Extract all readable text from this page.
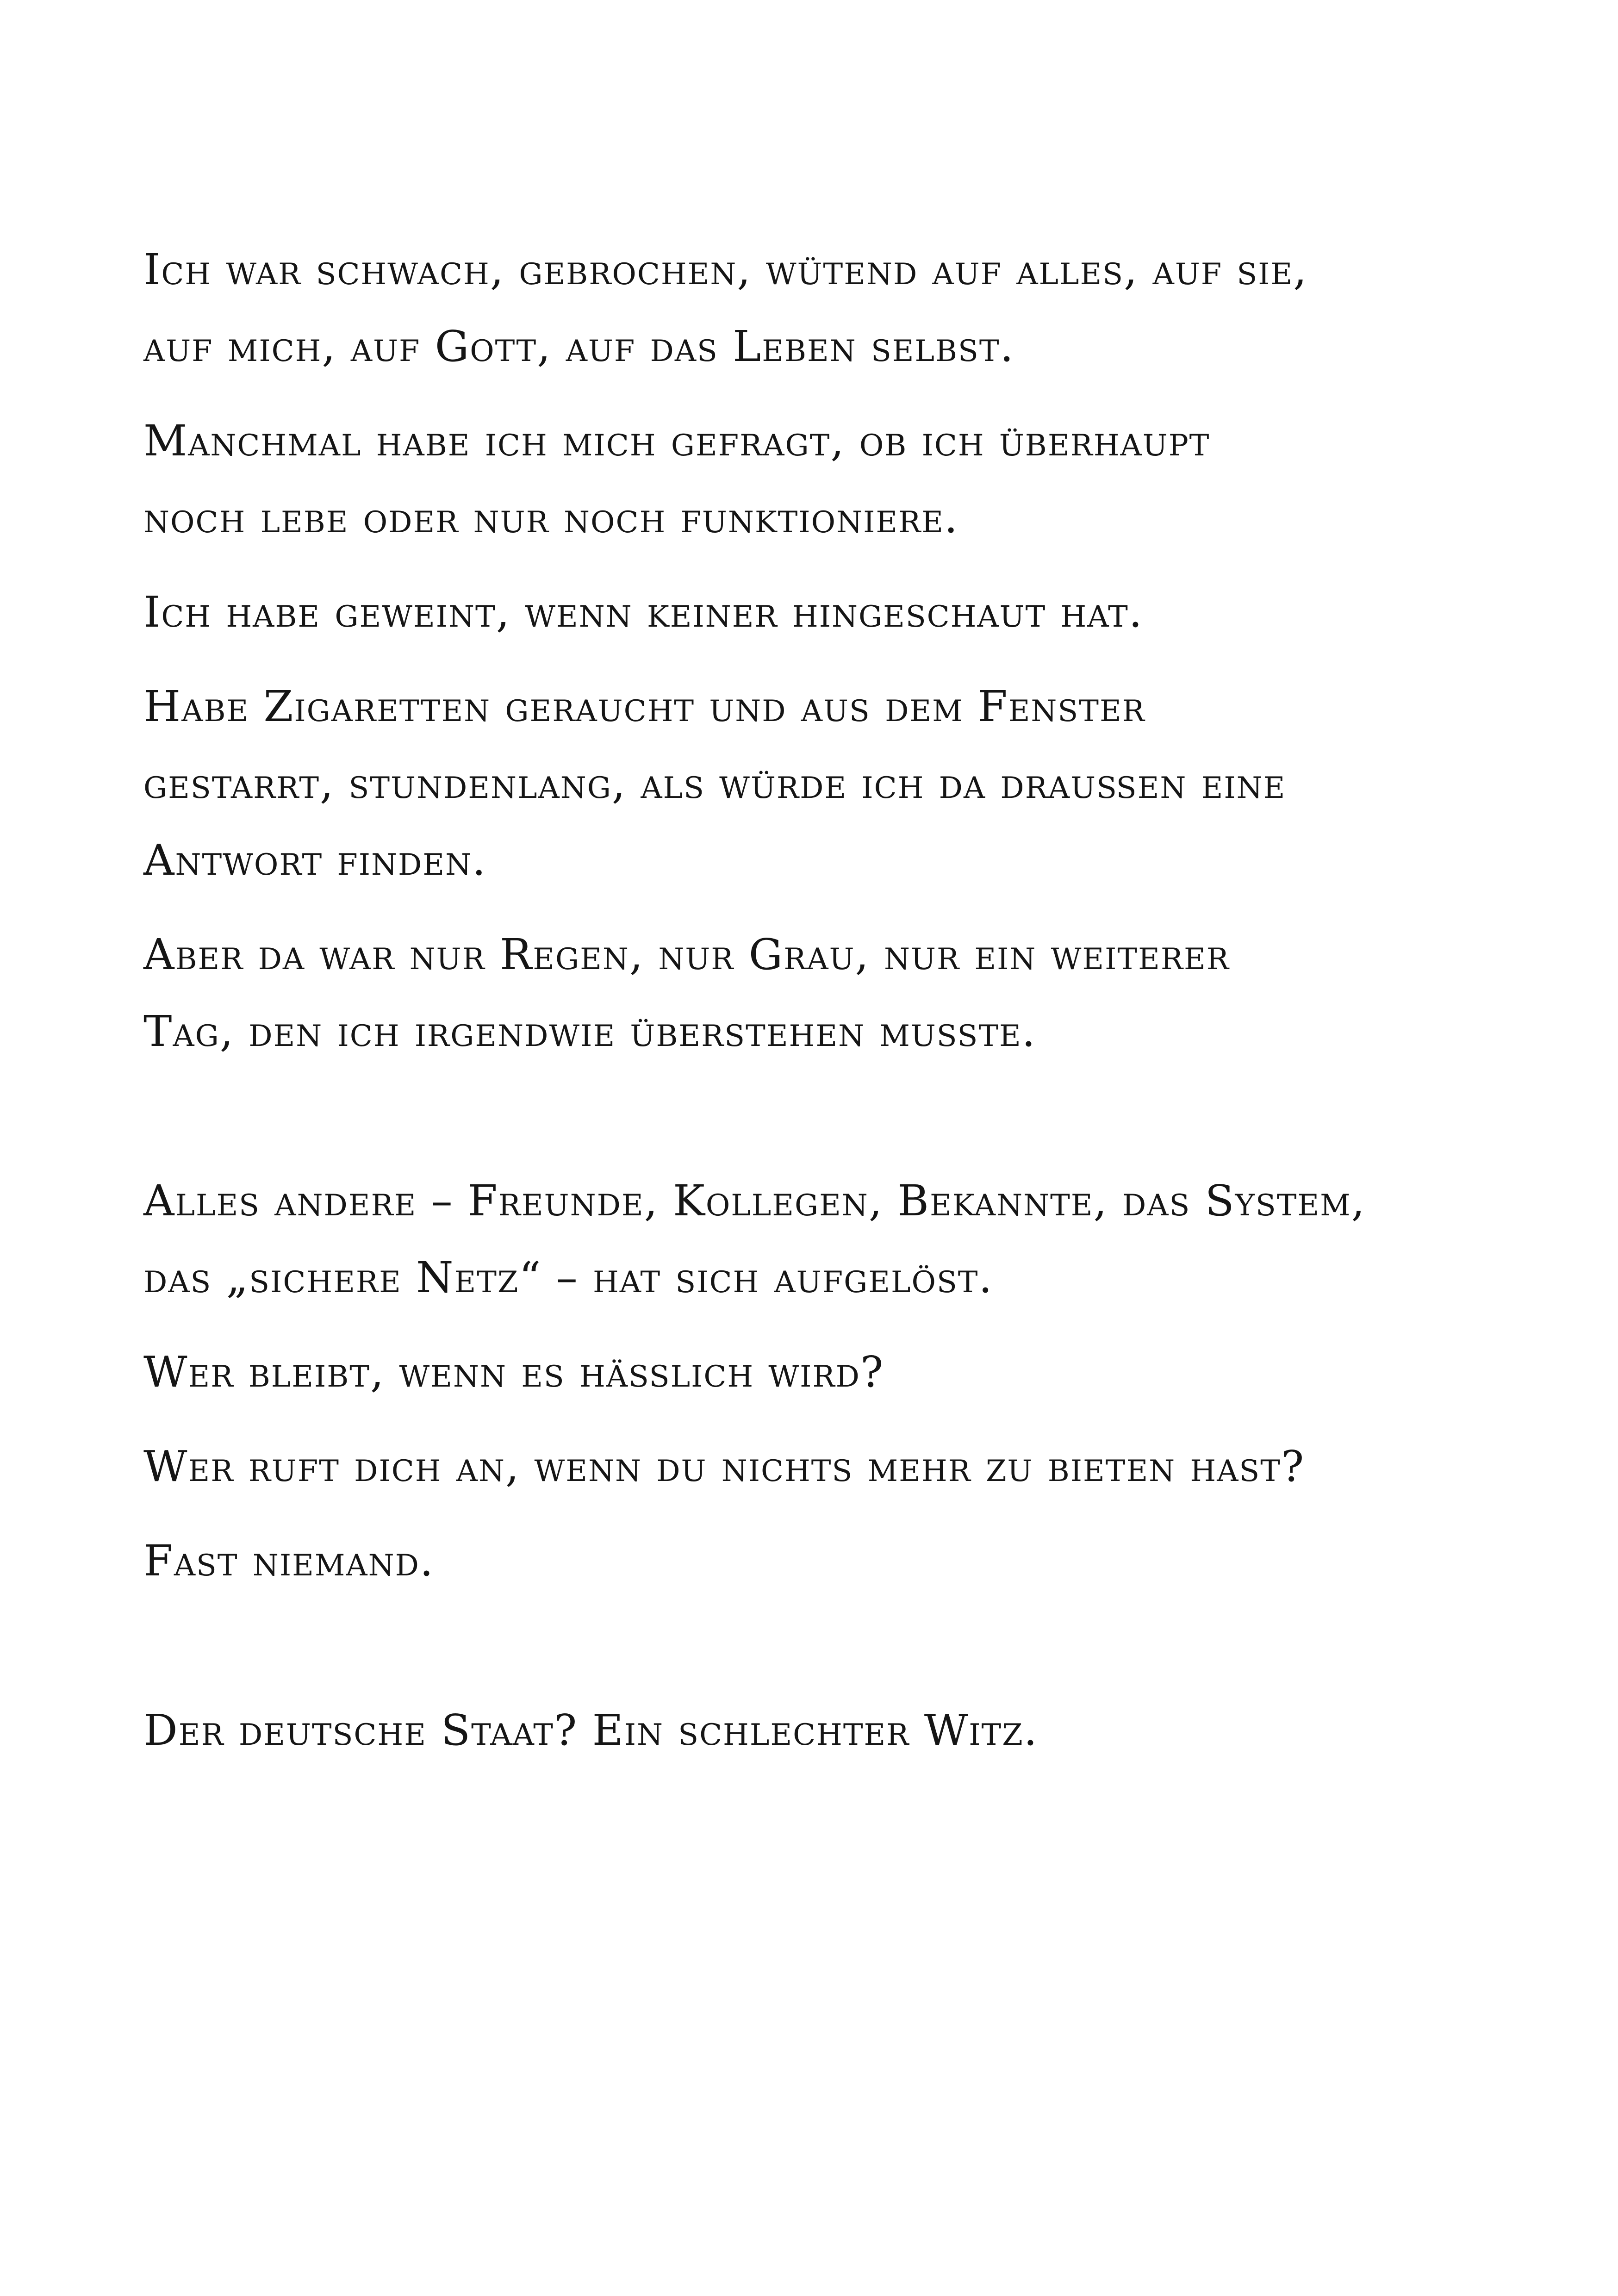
Ich war schwach, gebrochen, wütend auf alles, auf sie,
auf mich, auf Gott, auf das Leben selbst.

Manchmal habe ich mich gefragt, ob ich überhaupt
noch lebe oder nur noch funktioniere.

Ich habe geweint, wenn keiner hingeschaut hat.

Habe Zigaretten geraucht und aus dem Fenster
gestarrt, stundenlang, als würde ich da draußen eine
Antwort finden.

Aber da war nur Regen, nur Grau, nur ein weiterer
Tag, den ich irgendwie überstehen musste.

Alles andere – Freunde, Kollegen, Bekannte, das System,
das „sichere Netz“ – hat sich aufgelöst.

Wer bleibt, wenn es hässlich wird?

Wer ruft dich an, wenn du nichts mehr zu bieten hast?

Fast niemand.

Der deutsche Staat? Ein schlechter Witz.
